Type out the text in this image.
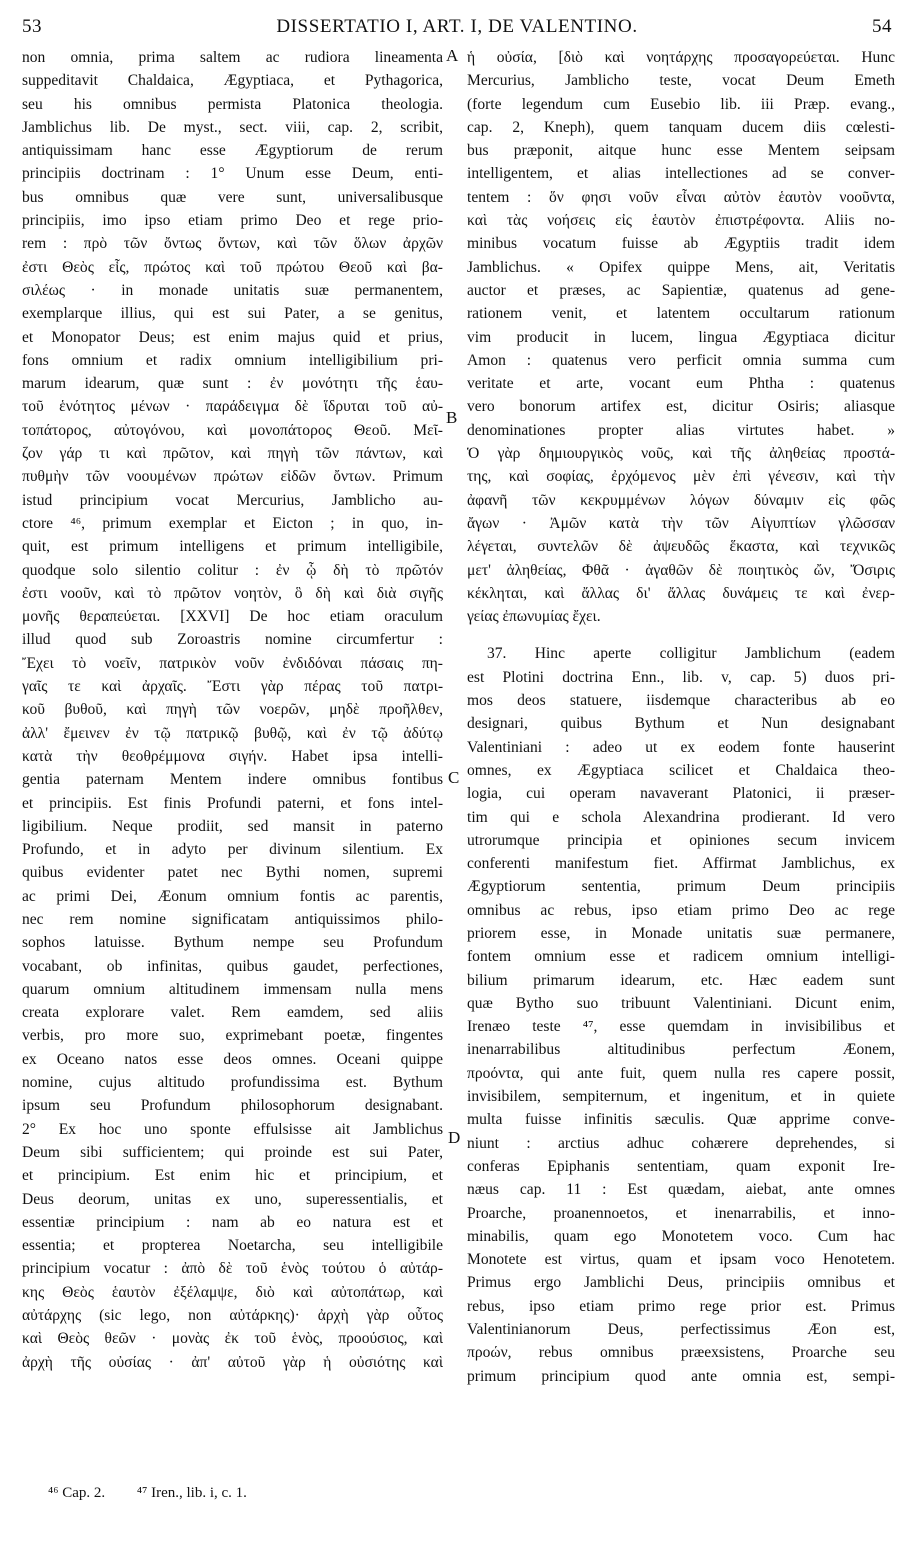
53	DISSERTATIO I, ART. I, DE VALENTINO.	54
non omnia, prima saltem ac rudiora lineamenta
suppeditavit Chaldaica, Ægyptiaca, et Pythagorica,
seu his omnibus permista Platonica theologia.
Jamblichus lib. De myst., sect. viii, cap. 2, scribit,
antiquissimam hanc esse Ægyptiorum de rerum
principiis doctrinam : 1° Unum esse Deum, enti-
bus omnibus quæ vere sunt, universalibusque
principiis, imo ipso etiam primo Deo et rege prio-
rem : πρὸ τῶν ὄντως ὄντων, καὶ τῶν ὅλων ἀρχῶν
ἐστι Θεὸς εἷς, πρώτος καὶ τοῦ πρώτου Θεοῦ καὶ βα-
σιλέως · in monade unitatis suæ permanentem,
exemplarque illius, qui est sui Pater, a se genitus,
et Monopator Deus; est enim majus quid et prius,
fons omnium et radix omnium intelligibilium pri-
marum idearum, quæ sunt : ἐν μονότητι τῆς ἑαυ-
τοῦ ἑνότητος μένων · παράδειγμα δὲ ἵδρυται τοῦ αὐ-
τοπάτορος, αὐτογόνου, καὶ μονοπάτορος Θεοῦ. Μεῖ-
ζον γάρ τι καὶ πρῶτον, καὶ πηγὴ τῶν πάντων, καὶ
πυθμὴν τῶν νοουμένων πρώτων εἰδῶν ὄντων. Primum
istud principium vocat Mercurius, Jamblicho au-
ctore ⁴⁶, primum exemplar et Eicton ; in quo, in-
quit, est primum intelligens et primum intelligibile,
quodque solo silentio colitur : ἐν ᾧ δὴ τὸ πρῶτόν
ἐστι νοοῦν, καὶ τὸ πρῶτον νοητὸν, ὃ δὴ καὶ διὰ σιγῆς
μονῆς θεραπεύεται. [XXVI] De hoc etiam oraculum
illud quod sub Zoroastris nomine circumfertur :
Ἔχει τὸ νοεῖν, πατρικὸν νοῦν ἐνδιδόναι πάσαις πη-
γαῖς τε καὶ ἀρχαῖς. Ἔστι γὰρ πέρας τοῦ πατρι-
κοῦ βυθοῦ, καὶ πηγὴ τῶν νοερῶν, μηδὲ προῆλθεν,
ἀλλ' ἔμεινεν ἐν τῷ πατρικῷ βυθῷ, καὶ ἐν τῷ ἀδύτῳ
κατὰ τὴν θεοθρέμμονα σιγήν. Habet ipsa intelli-
gentia paternam Mentem indere omnibus fontibus
et principiis. Est finis Profundi paterni, et fons intel-
ligibilium. Neque prodiit, sed mansit in paterno
Profundo, et in adyto per divinum silentium. Ex
quibus evidenter patet nec Bythi nomen, supremi
ac primi Dei, Æonum omnium fontis ac parentis,
nec rem nomine significatam antiquissimos philo-
sophos latuisse. Bythum nempe seu Profundum
vocabant, ob infinitas, quibus gaudet, perfectiones,
quarum omnium altitudinem immensam nulla mens
creata explorare valet. Rem eamdem, sed aliis
verbis, pro more suo, exprimebant poetæ, fingentes
ex Oceano natos esse deos omnes. Oceani quippe
nomine, cujus altitudo profundissima est. Bythum
ipsum seu Profundum philosophorum designabant.
2° Ex hoc uno sponte effulsisse ait Jamblichus
Deum sibi sufficientem; qui proinde est sui Pater,
et principium. Est enim hic et principium, et
Deus deorum, unitas ex uno, superessentialis, et
essentiæ principium : nam ab eo natura est et
essentia; et propterea Noetarcha, seu intelligibile
principium vocatur : ἀπὸ δὲ τοῦ ἑνὸς τούτου ὁ αὐτάρ-
κης Θεὸς ἑαυτὸν ἐξέλαμψε, διὸ καὶ αὐτοπάτωρ, καὶ
αὐτάρχης (sic lego, non αὐτάρκης)· ἀρχὴ γὰρ οὗτος
καὶ Θεὸς θεῶν · μονὰς ἐκ τοῦ ἑνὸς, προούσιος, καὶ
ἀρχὴ τῆς οὐσίας · ἀπ' αὐτοῦ γὰρ ἡ οὐσιότης καὶ
ἡ οὐσία, [διὸ καὶ νοητάρχης προσαγορεύεται. Hunc
Mercurius, Jamblicho teste, vocat Deum Emeth
(forte legendum cum Eusebio lib. iii Præp. evang.,
cap. 2, Kneph), quem tanquam ducem diis cœlesti-
bus præponit, aitque hunc esse Mentem seipsam
intelligentem, et alias intellectiones ad se conver-
tentem : ὅν φησι νοῦν εἶναι αὐτὸν ἑαυτὸν νοοῦντα,
καὶ τὰς νοήσεις εἰς ἑαυτὸν ἐπιστρέφοντα. Aliis no-
minibus vocatum fuisse ab Ægyptiis tradit idem
Jamblichus. « Opifex quippe Mens, ait, Veritatis
auctor et præses, ac Sapientiæ, quatenus ad gene-
rationem venit, et latentem occultarum rationum
vim producit in lucem, lingua Ægyptiaca dicitur
Amon : quatenus vero perficit omnia summa cum
veritate et arte, vocant eum Phtha : quatenus
vero bonorum artifex est, dicitur Osiris; aliasque
denominationes propter alias virtutes habet. »
Ὁ γὰρ δημιουργικὸς νοῦς, καὶ τῆς ἀληθείας προστά-
της, καὶ σοφίας, ἐρχόμενος μὲν ἐπὶ γένεσιν, καὶ τὴν
ἀφανῆ τῶν κεκρυμμένων λόγων δύναμιν εἰς φῶς
ἄγων · Ἀμῶν κατὰ τὴν τῶν Αἰγυπτίων γλῶσσαν
λέγεται, συντελῶν δὲ ἀψευδῶς ἕκαστα, καὶ τεχνικῶς
μετ' ἀληθείας, Φθᾶ · ἀγαθῶν δὲ ποιητικὸς ὤν, Ὄσιρις
κέκληται, καὶ ἄλλας δι' ἄλλας δυνάμεις τε καὶ ἐνερ-
γείας ἐπωνυμίας ἔχει.
37. Hinc aperte colligitur Jamblichum (eadem
est Plotini doctrina Enn., lib. v, cap. 5) duos pri-
mos deos statuere, iisdemque characteribus ab eo
designari, quibus Bythum et Nun designabant
Valentiniani : adeo ut ex eodem fonte hauserint
omnes, ex Ægyptiaca scilicet et Chaldaica theo-
logia, cui operam navaverant Platonici, ii præser-
tim qui e schola Alexandrina prodierant. Id vero
utrorumque principia et opiniones secum invicem
conferenti manifestum fiet. Affirmat Jamblichus, ex
Ægyptiorum sententia, primum Deum principiis
omnibus ac rebus, ipso etiam primo Deo ac rege
priorem esse, in Monade unitatis suæ permanere,
fontem omnium esse et radicem omnium intelligi-
bilium primarum idearum, etc. Hæc eadem sunt
quæ Bytho suo tribuunt Valentiniani. Dicunt enim,
Irenæo teste ⁴⁷, esse quemdam in invisibilibus et
inenarrabilibus altitudinibus perfectum Æonem,
προόντα, qui ante fuit, quem nulla res capere possit,
invisibilem, sempiternum, et ingenitum, et in quiete
multa fuisse infinitis sæculis. Quæ apprime conve-
niunt : arctius adhuc cohærere deprehendes, si
conferas Epiphanis sententiam, quam exponit Ire-
næus cap. 11 : Est quædam, aiebat, ante omnes
Proarche, proanennoetos, et inenarrabilis, et inno-
minabilis, quam ego Monotetem voco. Cum hac
Monotete est virtus, quam et ipsam voco Henotetem.
Primus ergo Jamblichi Deus, principiis omnibus et
rebus, ipso etiam primo rege prior est. Primus
Valentinianorum Deus, perfectissimus Æon est,
προών, rebus omnibus præexsistens, Proarche seu
primum principium quod ante omnia est, sempi-
A
B
C
D
⁴⁶ Cap. 2. ⁴⁷ Iren., lib. i, c. 1.
